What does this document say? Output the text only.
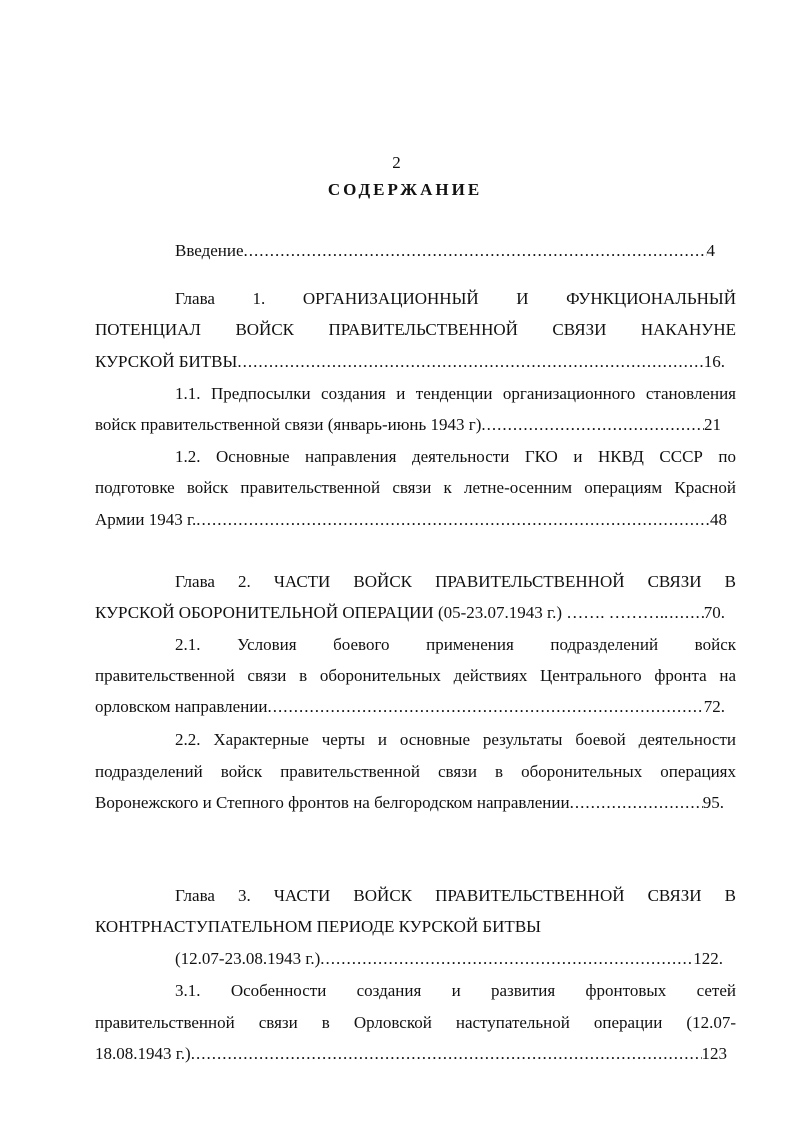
2
СОДЕРЖАНИЕ
Введение .....	4
Глава 1. ОРГАНИЗАЦИОННЫЙ И ФУНКЦИОНАЛЬНЫЙ
ПОТЕНЦИАЛ ВОЙСК ПРАВИТЕЛЬСТВЕННОЙ СВЯЗИ НАКАНУНЕ
КУРСКОЙ БИТВЫ .....	16.
1.1. Предпосылки создания и тенденции организационного становления
войск правительственной связи (январь-июнь 1943 г) .....	21
1.2. Основные направления деятельности ГКО и НКВД СССР по
подготовке войск правительственной связи к летне-осенним операциям Красной
Армии 1943 г. .....	48
Глава 2. ЧАСТИ ВОЙСК ПРАВИТЕЛЬСТВЕННОЙ СВЯЗИ В
КУРСКОЙ ОБОРОНИТЕЛЬНОЙ ОПЕРАЦИИ (05-23.07.1943 г.) ……. ………. ..... 70.
2.1. Условия боевого применения подразделений войск
правительственной связи в оборонительных действиях Центрального фронта на
орловском направлении .....	72.
2.2. Характерные черты и основные результаты боевой деятельности
подразделений войск правительственной связи в оборонительных операциях
Воронежского и Степного фронтов на белгородском направлении .....	95.
Глава 3. ЧАСТИ ВОЙСК ПРАВИТЕЛЬСТВЕННОЙ СВЯЗИ В
КОНТРНАСТУПАТЕЛЬНОМ ПЕРИОДЕ КУРСКОЙ БИТВЫ
(12.07-23.08.1943 г.) .....	122.
3.1. Особенности создания и развития фронтовых сетей
правительственной связи в Орловской наступательной операции (12.07-
18.08.1943 г.) .....	123
